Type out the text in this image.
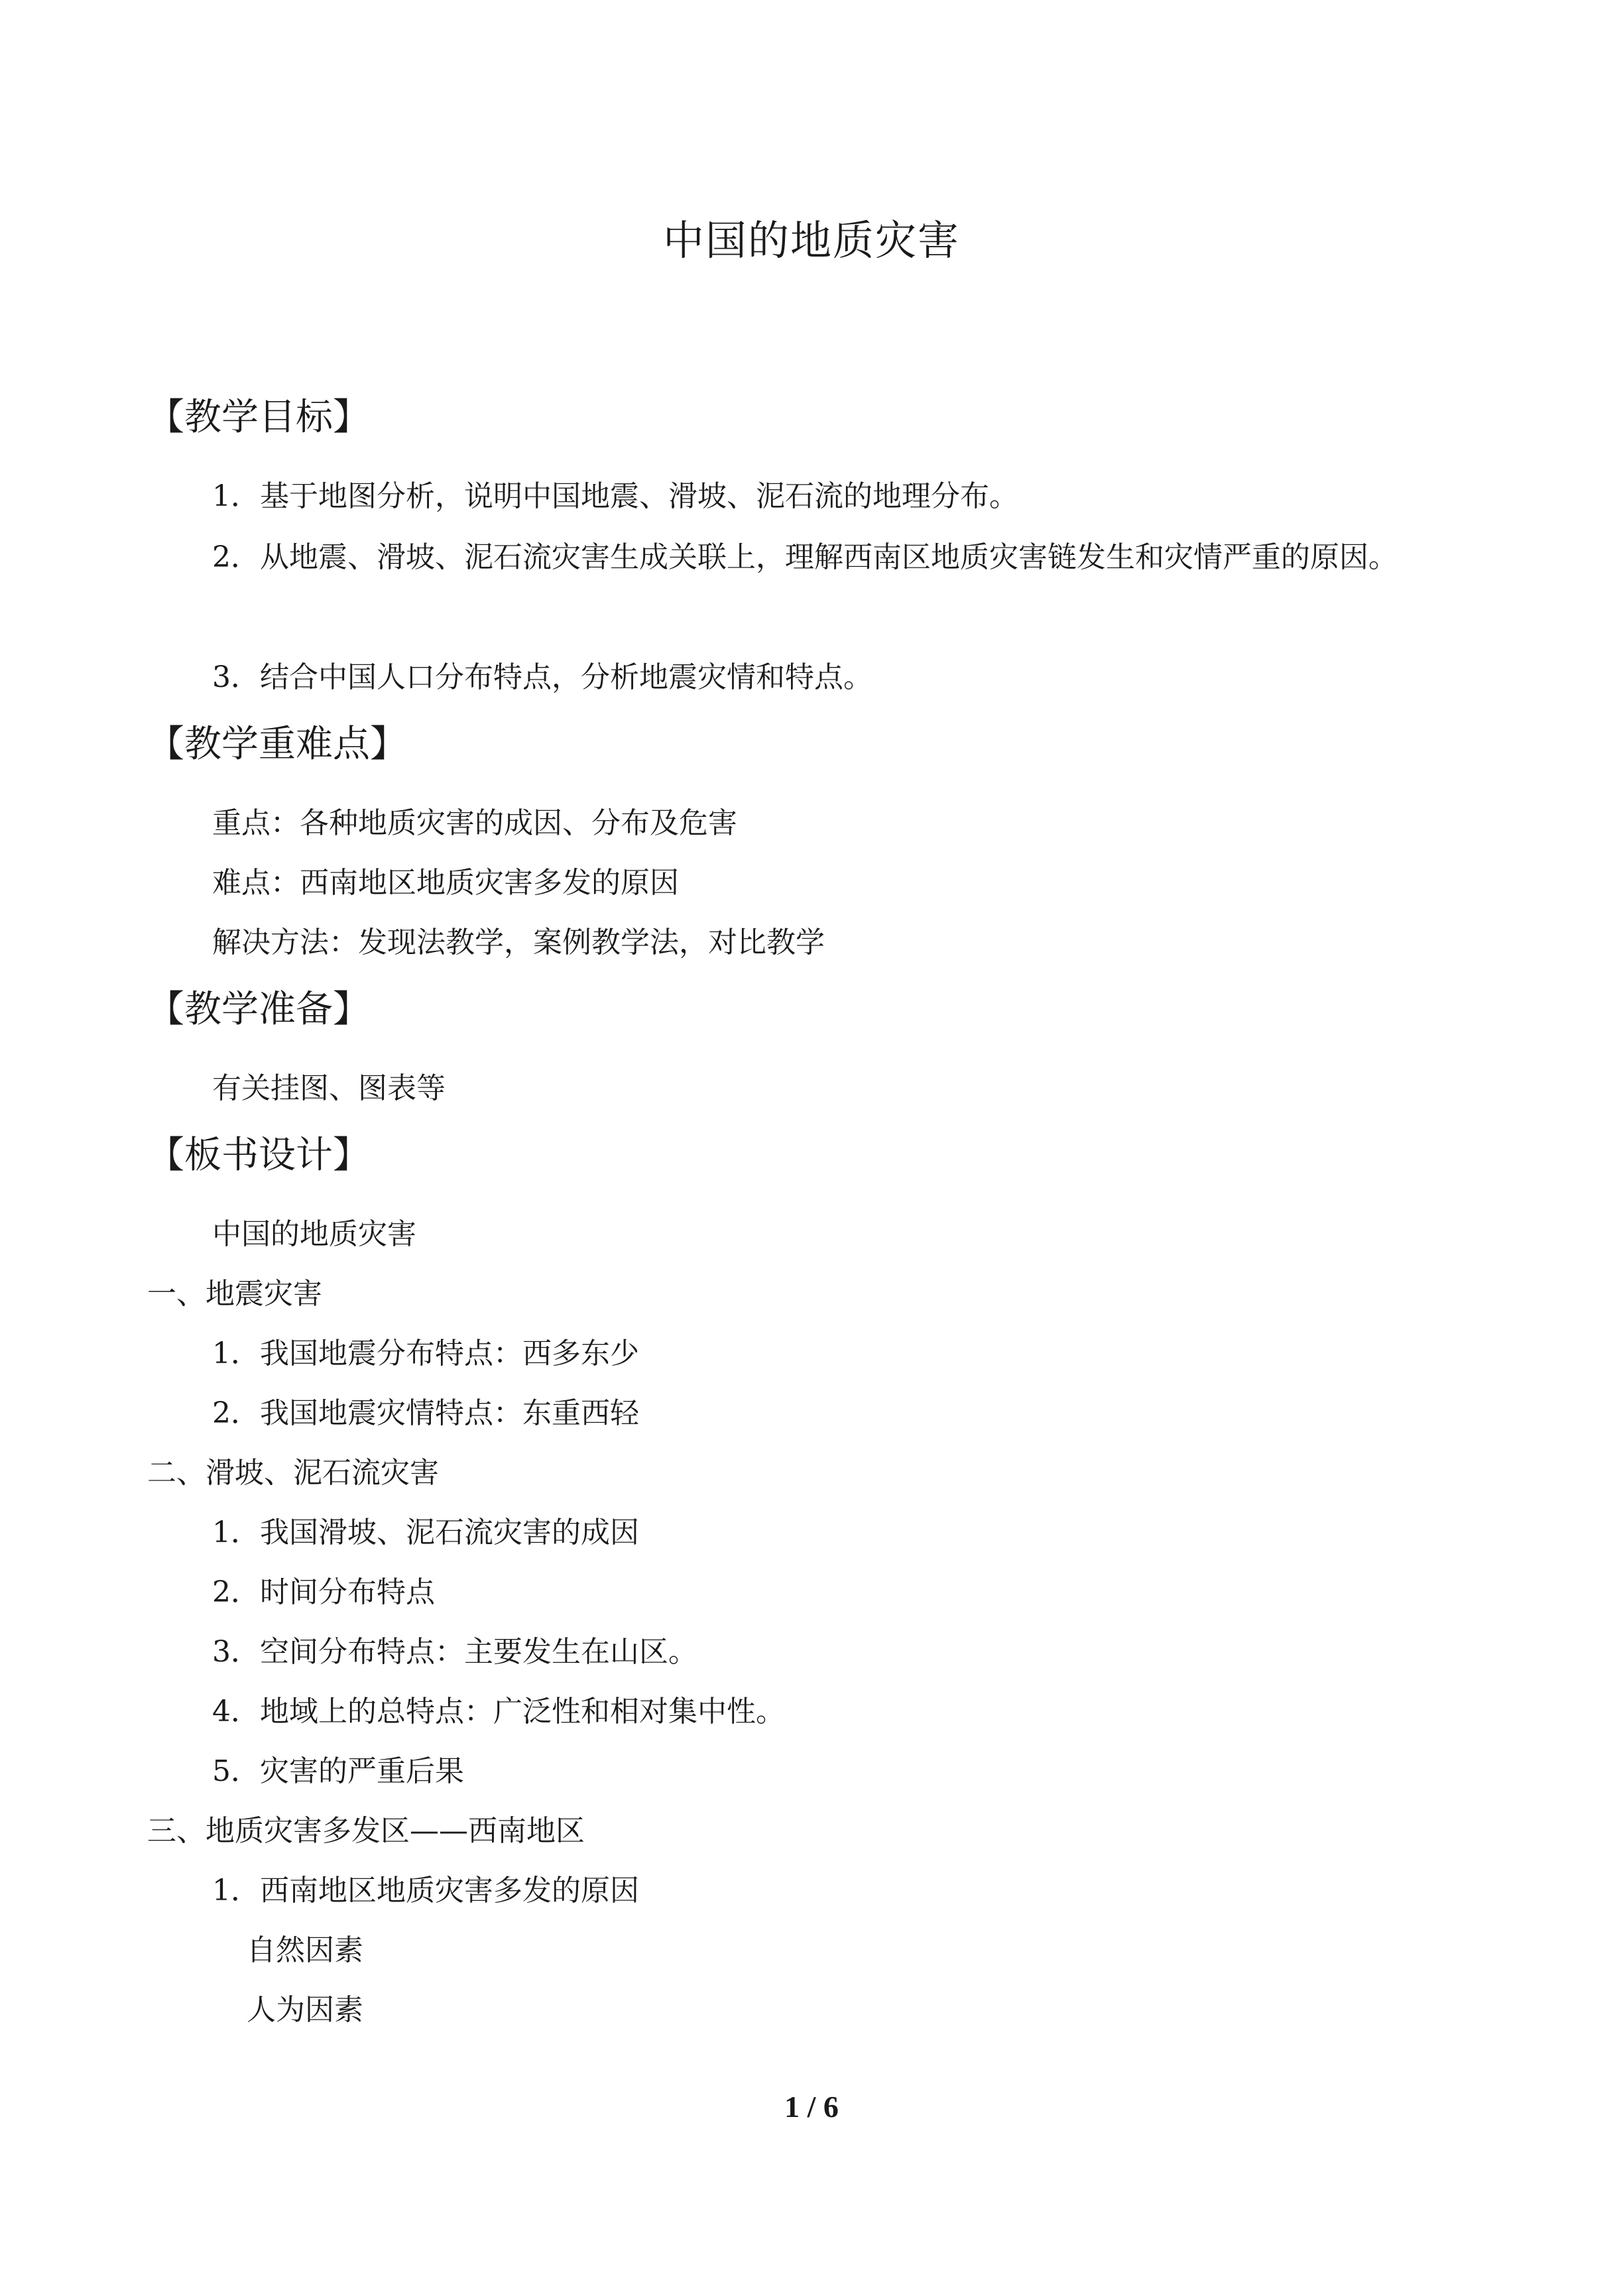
中国的地质灾害
【教学目标】
1．基于地图分析，说明中国地震、滑坡、泥石流的地理分布。
2．从地震、滑坡、泥石流灾害生成关联上，理解西南区地质灾害链发生和灾情严重的原因。
3．结合中国人口分布特点，分析地震灾情和特点。
【教学重难点】
重点：各种地质灾害的成因、分布及危害
难点：西南地区地质灾害多发的原因
解决方法：发现法教学，案例教学法，对比教学
【教学准备】
有关挂图、图表等
【板书设计】
中国的地质灾害
一、地震灾害
1．我国地震分布特点：西多东少
2．我国地震灾情特点：东重西轻
二、滑坡、泥石流灾害
1．我国滑坡、泥石流灾害的成因
2．时间分布特点
3．空间分布特点：主要发生在山区。
4．地域上的总特点：广泛性和相对集中性。
5．灾害的严重后果
三、地质灾害多发区——西南地区
1．西南地区地质灾害多发的原因
自然因素
人为因素
1 / 6
